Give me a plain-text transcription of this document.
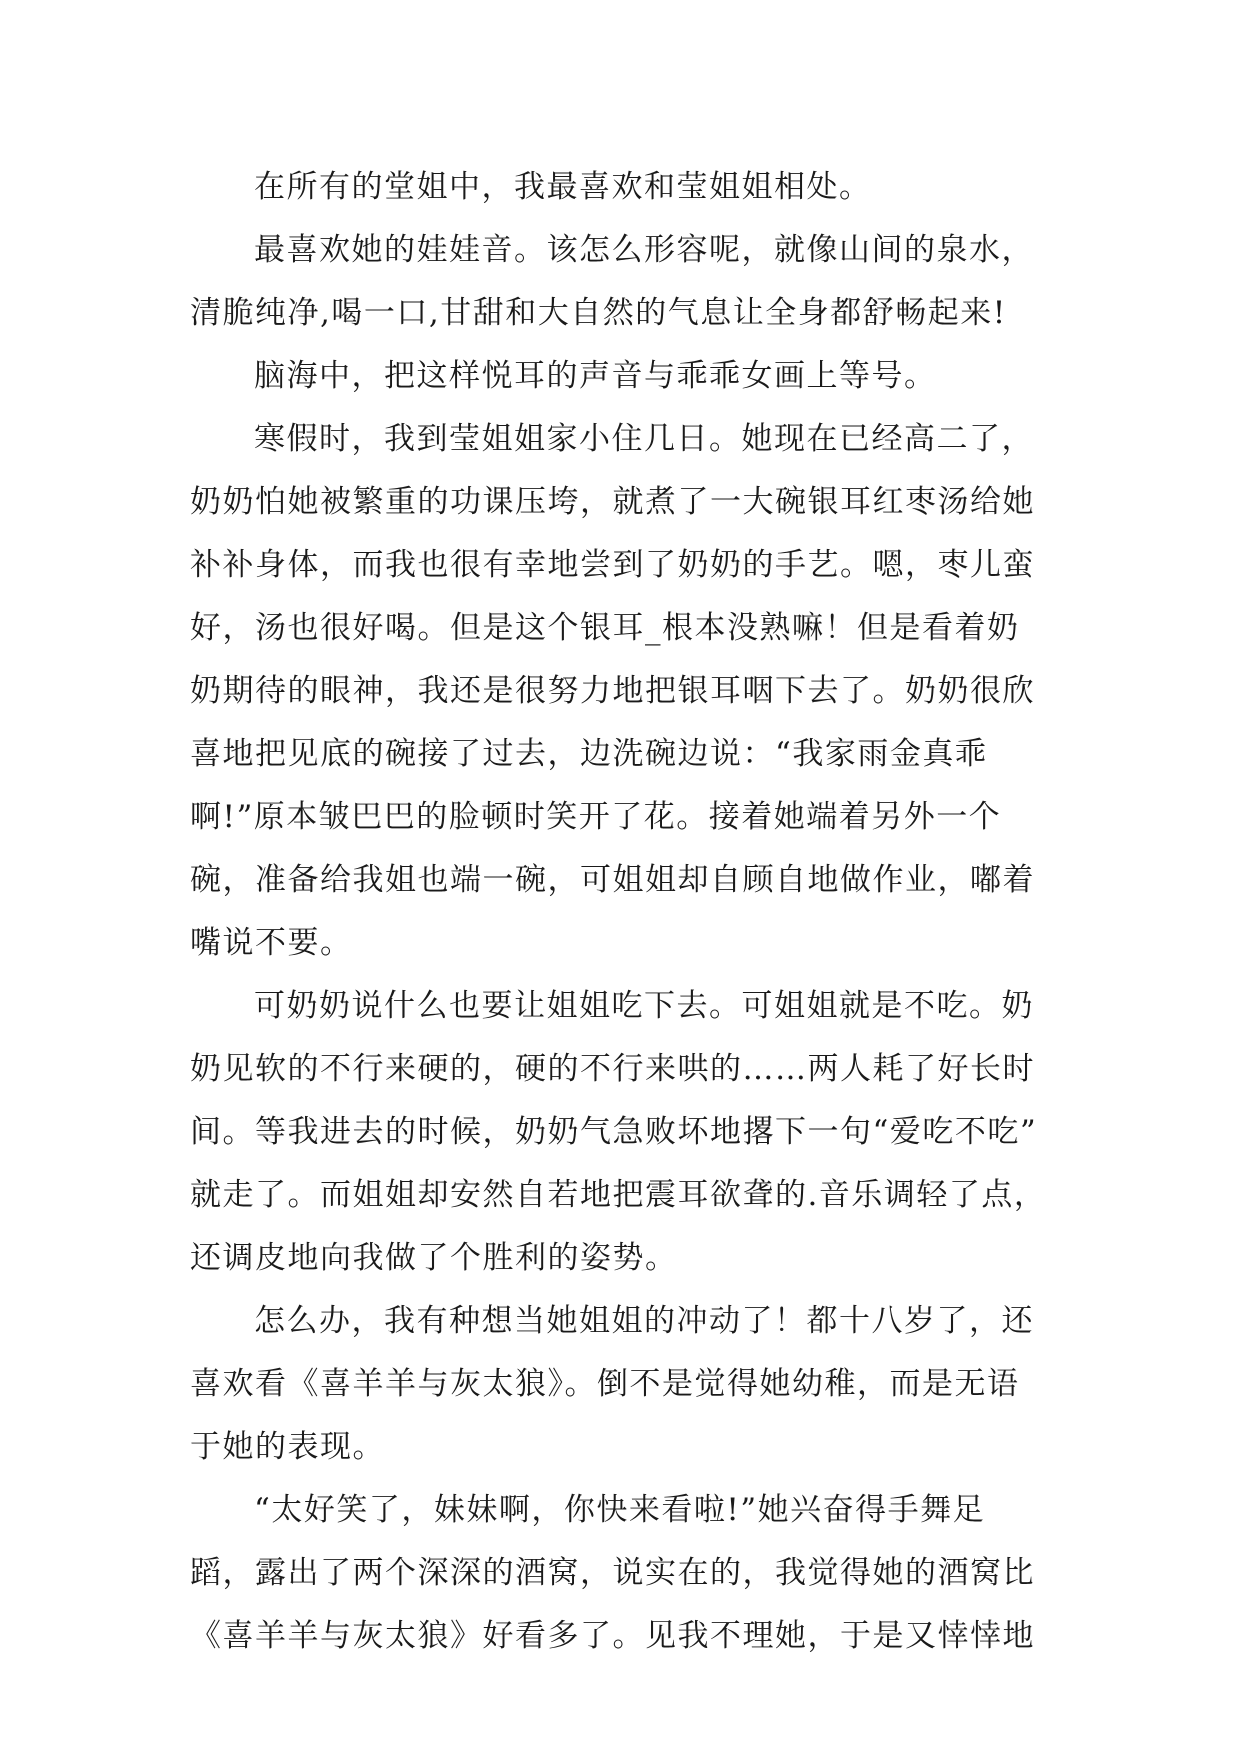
在所有的堂姐中，我最喜欢和莹姐姐相处。
最喜欢她的娃娃音。该怎么形容呢，就像山间的泉水，
清脆纯净,喝一口,甘甜和大自然的气息让全身都舒畅起来!
脑海中，把这样悦耳的声音与乖乖女画上等号。
寒假时，我到莹姐姐家小住几日。她现在已经高二了，
奶奶怕她被繁重的功课压垮，就煮了一大碗银耳红枣汤给她
补补身体，而我也很有幸地尝到了奶奶的手艺。嗯，枣儿蛮
好，汤也很好喝。但是这个银耳_根本没熟嘛！但是看着奶
奶期待的眼神，我还是很努力地把银耳咽下去了。奶奶很欣
喜地把见底的碗接了过去，边洗碗边说：“我家雨金真乖
啊!”原本皱巴巴的脸顿时笑开了花。接着她端着另外一个
碗，准备给我姐也端一碗，可姐姐却自顾自地做作业，嘟着
嘴说不要。
可奶奶说什么也要让姐姐吃下去。可姐姐就是不吃。奶
奶见软的不行来硬的，硬的不行来哄的……两人耗了好长时
间。等我进去的时候，奶奶气急败坏地撂下一句“爱吃不吃”
就走了。而姐姐却安然自若地把震耳欲聋的.音乐调轻了点，
还调皮地向我做了个胜利的姿势。
怎么办，我有种想当她姐姐的冲动了！都十八岁了，还
喜欢看《喜羊羊与灰太狼》。倒不是觉得她幼稚，而是无语
于她的表现。
“太好笑了，妹妹啊，你快来看啦!”她兴奋得手舞足
蹈，露出了两个深深的酒窝，说实在的，我觉得她的酒窝比
《喜羊羊与灰太狼》好看多了。见我不理她，于是又悻悻地
